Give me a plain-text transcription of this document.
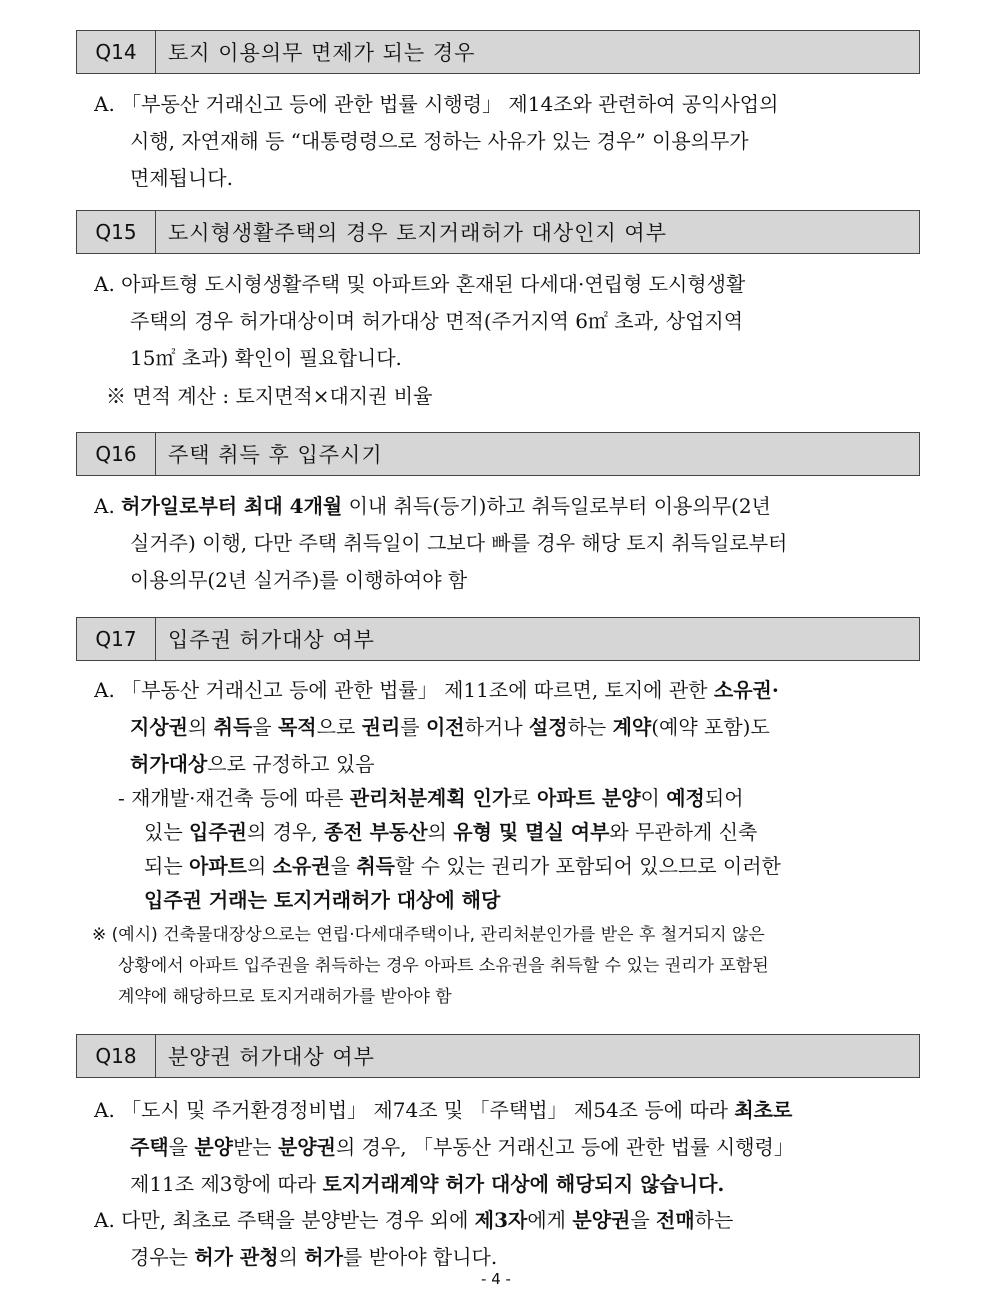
Q14	토지 이용의무 면제가 되는 경우
A. 「부동산 거래신고 등에 관한 법률 시행령」 제14조와 관련하여 공익사업의
시행, 자연재해 등 “대통령령으로 정하는 사유가 있는 경우” 이용의무가
면제됩니다.
Q15	도시형생활주택의 경우 토지거래허가 대상인지 여부
A. 아파트형 도시형생활주택 및 아파트와 혼재된 다세대·연립형 도시형생활
주택의 경우 허가대상이며 허가대상 면적(주거지역 6㎡ 초과, 상업지역
15㎡ 초과) 확인이 필요합니다.
※ 면적 계산 : 토지면적×대지권 비율
Q16	주택 취득 후 입주시기
A. 허가일로부터 최대 4개월 이내 취득(등기)하고 취득일로부터 이용의무(2년
실거주) 이행, 다만 주택 취득일이 그보다 빠를 경우 해당 토지 취득일로부터
이용의무(2년 실거주)를 이행하여야 함
Q17	입주권 허가대상 여부
A. 「부동산 거래신고 등에 관한 법률」 제11조에 따르면, 토지에 관한 소유권·
지상권의 취득을 목적으로 권리를 이전하거나 설정하는 계약(예약 포함)도
허가대상으로 규정하고 있음
- 재개발·재건축 등에 따른 관리처분계획 인가로 아파트 분양이 예정되어
있는 입주권의 경우, 종전 부동산의 유형 및 멸실 여부와 무관하게 신축
되는 아파트의 소유권을 취득할 수 있는 권리가 포함되어 있으므로 이러한
입주권 거래는 토지거래허가 대상에 해당
※ (예시) 건축물대장상으로는 연립·다세대주택이나, 관리처분인가를 받은 후 철거되지 않은
상황에서 아파트 입주권을 취득하는 경우 아파트 소유권을 취득할 수 있는 권리가 포함된
계약에 해당하므로 토지거래허가를 받아야 함
Q18	분양권 허가대상 여부
A. 「도시 및 주거환경정비법」 제74조 및 「주택법」 제54조 등에 따라 최초로
주택을 분양받는 분양권의 경우, 「부동산 거래신고 등에 관한 법률 시행령」
제11조 제3항에 따라 토지거래계약 허가 대상에 해당되지 않습니다.
A. 다만, 최초로 주택을 분양받는 경우 외에 제3자에게 분양권을 전매하는
경우는 허가 관청의 허가를 받아야 합니다.
- 4 -
